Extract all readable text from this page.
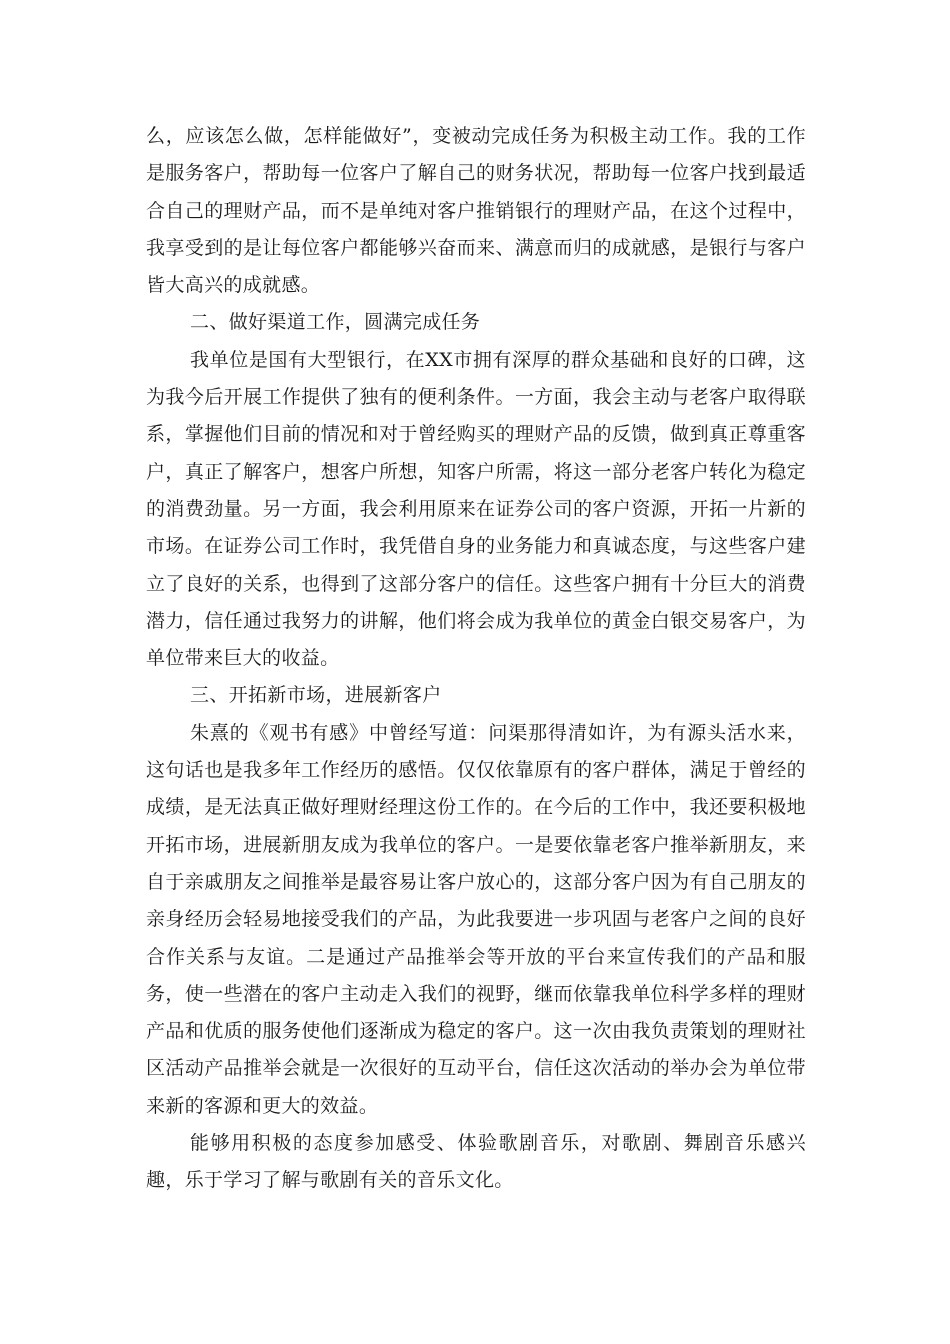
么，应该怎么做，怎样能做好”，变被动完成任务为积极主动工作。我的工作是服务客户，帮助每一位客户了解自己的财务状况，帮助每一位客户找到最适合自己的理财产品，而不是单纯对客户推销银行的理财产品，在这个过程中，我享受到的是让每位客户都能够兴奋而来、满意而归的成就感，是银行与客户皆大高兴的成就感。

二、做好渠道工作，圆满完成任务

我单位是国有大型银行，在XX市拥有深厚的群众基础和良好的口碑，这为我今后开展工作提供了独有的便利条件。一方面，我会主动与老客户取得联系，掌握他们目前的情况和对于曾经购买的理财产品的反馈，做到真正尊重客户，真正了解客户，想客户所想，知客户所需，将这一部分老客户转化为稳定的消费劲量。另一方面，我会利用原来在证券公司的客户资源，开拓一片新的市场。在证券公司工作时，我凭借自身的业务能力和真诚态度，与这些客户建立了良好的关系，也得到了这部分客户的信任。这些客户拥有十分巨大的消费潜力，信任通过我努力的讲解，他们将会成为我单位的黄金白银交易客户，为单位带来巨大的收益。

三、开拓新市场，进展新客户

朱熹的《观书有感》中曾经写道：问渠那得清如许，为有源头活水来，这句话也是我多年工作经历的感悟。仅仅依靠原有的客户群体，满足于曾经的成绩，是无法真正做好理财经理这份工作的。在今后的工作中，我还要积极地开拓市场，进展新朋友成为我单位的客户。一是要依靠老客户推举新朋友，来自于亲戚朋友之间推举是最容易让客户放心的，这部分客户因为有自己朋友的亲身经历会轻易地接受我们的产品，为此我要进一步巩固与老客户之间的良好合作关系与友谊。二是通过产品推举会等开放的平台来宣传我们的产品和服务，使一些潜在的客户主动走入我们的视野，继而依靠我单位科学多样的理财产品和优质的服务使他们逐渐成为稳定的客户。这一次由我负责策划的理财社区活动产品推举会就是一次很好的互动平台，信任这次活动的举办会为单位带来新的客源和更大的效益。

能够用积极的态度参加感受、体验歌剧音乐，对歌剧、舞剧音乐感兴趣，乐于学习了解与歌剧有关的音乐文化。
